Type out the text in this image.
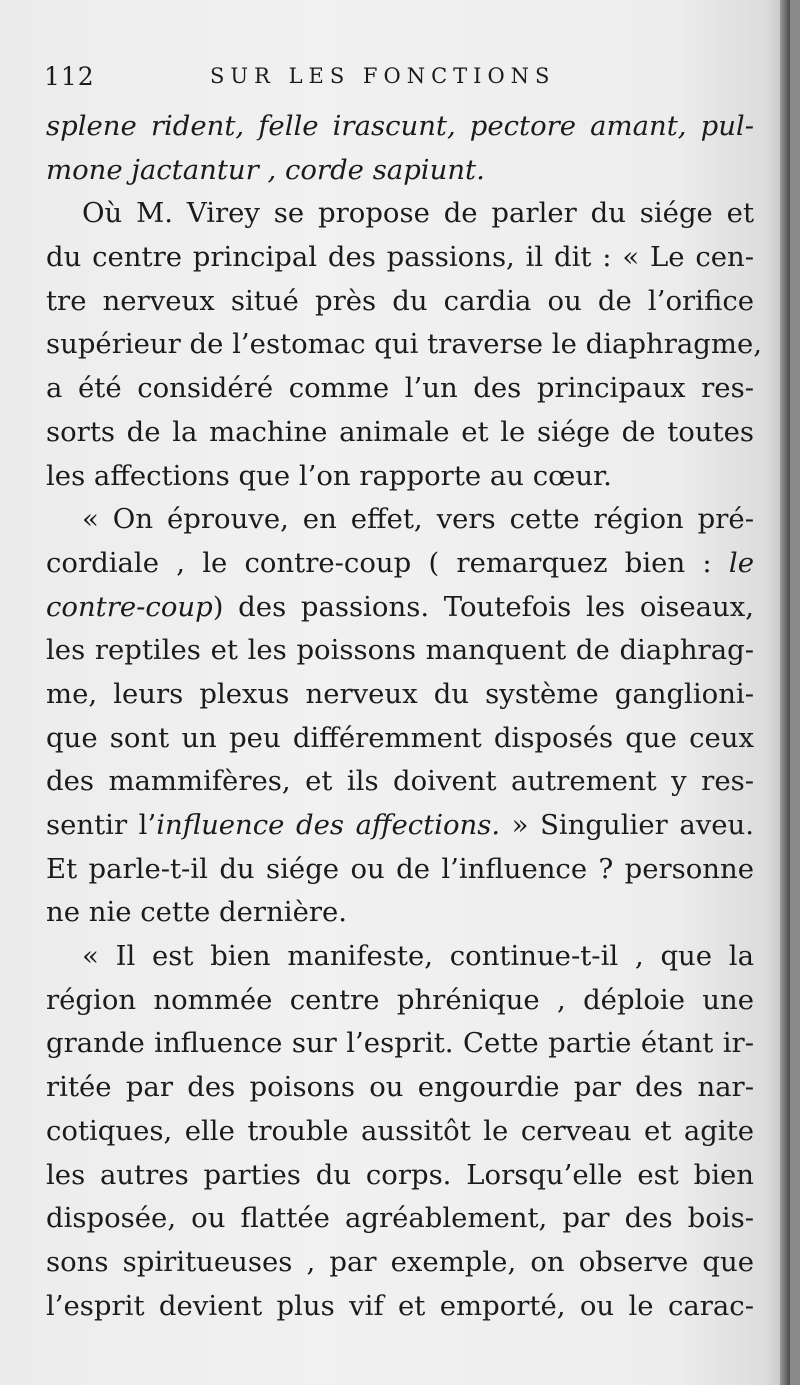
112	SUR LES FONCTIONS
splene rident, felle irascunt, pectore amant, pul-
mone jactantur , corde sapiunt.
Où M. Virey se propose de parler du siége et
du centre principal des passions, il dit : « Le cen-
tre nerveux situé près du cardia ou de l’orifice
supérieur de l’estomac qui traverse le diaphragme,
a été considéré comme l’un des principaux res-
sorts de la machine animale et le siége de toutes
les affections que l’on rapporte au cœur.
« On éprouve, en effet, vers cette région pré-
cordiale , le contre-coup ( remarquez bien : le
contre-coup) des passions. Toutefois les oiseaux,
les reptiles et les poissons manquent de diaphrag-
me, leurs plexus nerveux du système ganglioni-
que sont un peu différemment disposés que ceux
des mammifères, et ils doivent autrement y res-
sentir l’influence des affections. » Singulier aveu.
Et parle-t-il du siége ou de l’influence ? personne
ne nie cette dernière.
« Il est bien manifeste, continue-t-il , que la
région nommée centre phrénique , déploie une
grande influence sur l’esprit. Cette partie étant ir-
ritée par des poisons ou engourdie par des nar-
cotiques, elle trouble aussitôt le cerveau et agite
les autres parties du corps. Lorsqu’elle est bien
disposée, ou flattée agréablement, par des bois-
sons spiritueuses , par exemple, on observe que
l’esprit devient plus vif et emporté, ou le carac-
